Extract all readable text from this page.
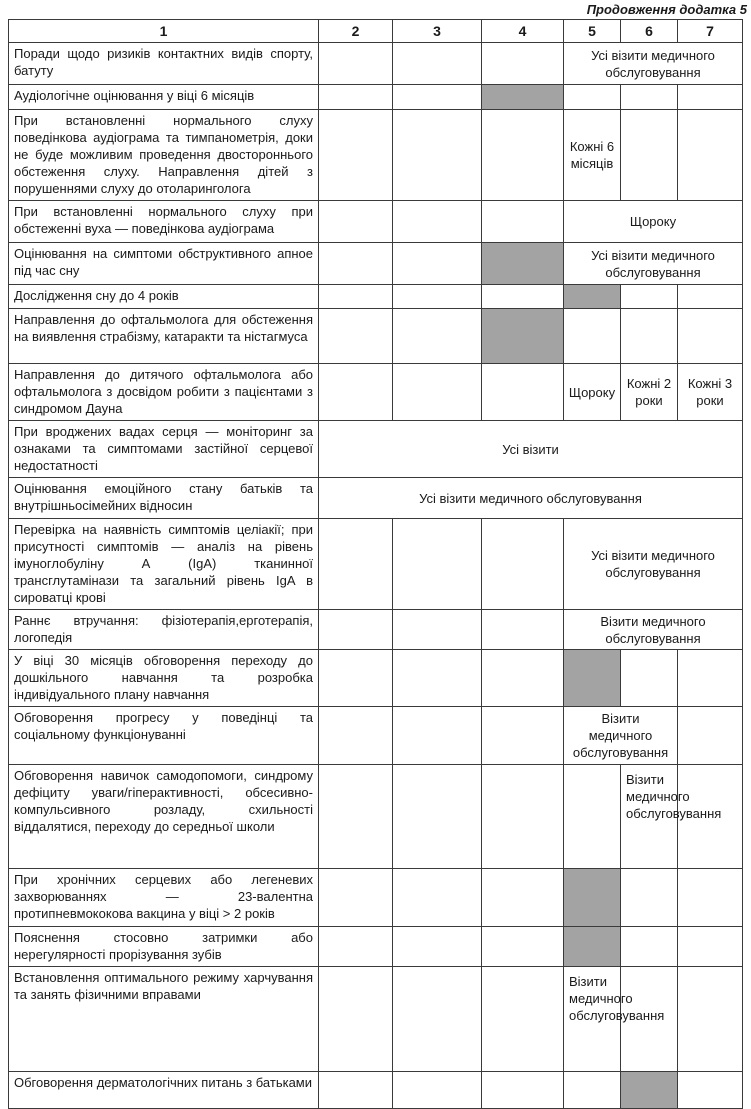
Продовження додатка 5
1	2	3	4	5	6	7
Поради щодо ризиків контактних видів спорту, батуту				Усі візити медичного обслуговування		
Аудіологічне оцінювання у віці 6 місяців						
При встановленні нормального слуху поведінкова аудіограма та тимпанометрія, доки не буде можливим проведення двостороннього обстеження слуху. Направлення дітей з порушеннями слуху до отоларинголога				Кожні 6 місяців		
При встановленні нормального слуху при обстеженні вуха — поведінкова аудіограма				Щороку		
Оцінювання на симптоми обструктивного апное під час сну				Усі візити медичного обслуговування		
Дослідження сну до 4 років						
Направлення до офтальмолога для обстеження на виявлення страбізму, катаракти та ністагмуса						
Направлення до дитячого офтальмолога або офтальмолога з досвідом робити з пацієнтами з синдромом Дауна				Щороку	Кожні 2 роки	Кожні 3 роки
При вроджених вадах серця — моніторинг за ознаками та симптомами застійної серцевої недостатності	Усі візити					
Оцінювання емоційного стану батьків та внутрішньосімейних відносин	Усі візити медичного обслуговування					
Перевірка на наявність симптомів целіакії; при присутності симптомів — аналіз на рівень імуноглобуліну А (IgA) тканинної трансглутамінази та загальний рівень IgA в сироватці крові				Усі візити медичного обслуговування		
Раннє втручання: фізіотерапія,ерготерапія, логопедія				Візити медичного обслуговування		
У віці 30 місяців обговорення переходу до дошкільного навчання та розробка індивідуального плану навчання						
Обговорення прогресу у поведінці та соціальному функціонуванні				Візити медичного обслуговування		
Обговорення навичок самодопомоги, синдрому дефіциту уваги/гіперактивності, обсесивно-компульсивного розладу, схильності віддалятися, переходу до середньої школи					Візити медичного обслуговування	
При хронічних серцевих або легеневих захворюваннях — 23-валентна протипневмококова вакцина у віці > 2 років						
Пояснення стосовно затримки або нерегулярності прорізування зубів						
Встановлення оптимального режиму харчування та занять фізичними вправами				Візити медичного обслуговування		
Обговорення дерматологічних питань з батьками						
